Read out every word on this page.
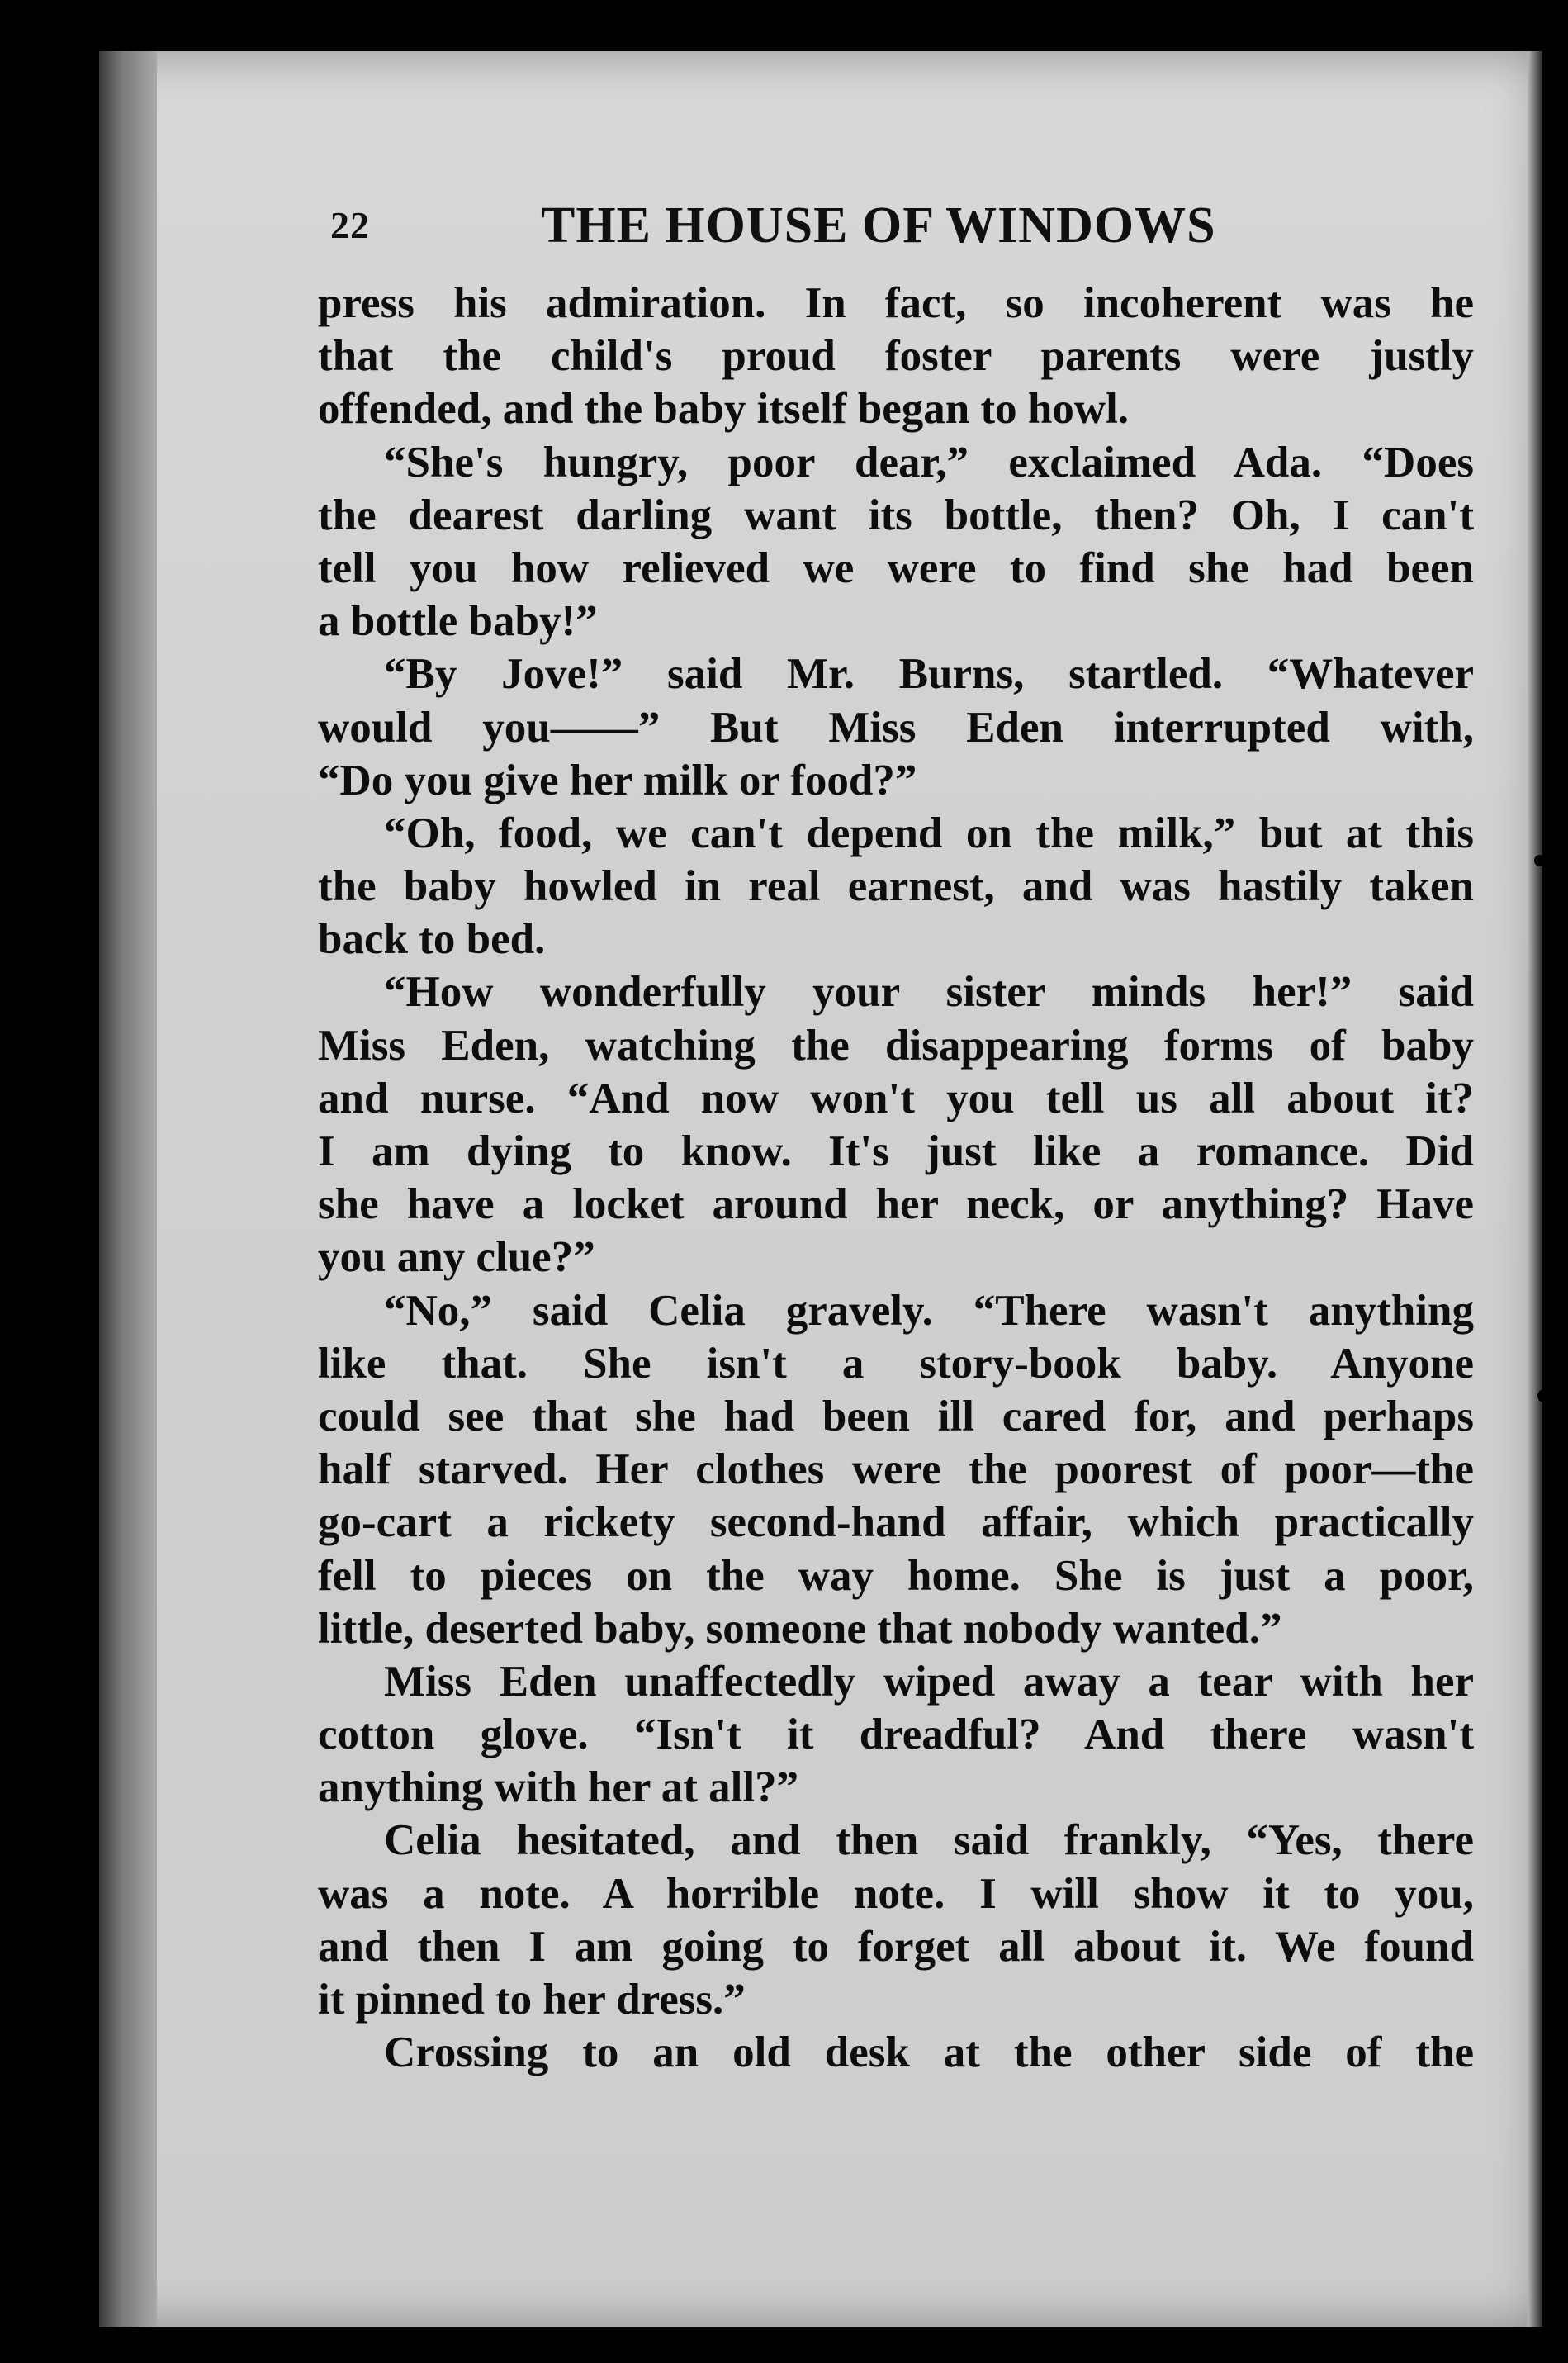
22	THE HOUSE OF WINDOWS
press his admiration. In fact, so incoherent was he
that the child's proud foster parents were justly
offended, and the baby itself began to howl.
“She's hungry, poor dear,” exclaimed Ada. “Does
the dearest darling want its bottle, then? Oh, I can't
tell you how relieved we were to find she had been
a bottle baby!”
“By Jove!” said Mr. Burns, startled. “Whatever
would you——” But Miss Eden interrupted with,
“Do you give her milk or food?”
“Oh, food, we can't depend on the milk,” but at this
the baby howled in real earnest, and was hastily taken
back to bed.
“How wonderfully your sister minds her!” said
Miss Eden, watching the disappearing forms of baby
and nurse. “And now won't you tell us all about it?
I am dying to know. It's just like a romance. Did
she have a locket around her neck, or anything? Have
you any clue?”
“No,” said Celia gravely. “There wasn't anything
like that. She isn't a story-book baby. Anyone
could see that she had been ill cared for, and perhaps
half starved. Her clothes were the poorest of poor—the
go-cart a rickety second-hand affair, which practically
fell to pieces on the way home. She is just a poor,
little, deserted baby, someone that nobody wanted.”
Miss Eden unaffectedly wiped away a tear with her
cotton glove. “Isn't it dreadful? And there wasn't
anything with her at all?”
Celia hesitated, and then said frankly, “Yes, there
was a note. A horrible note. I will show it to you,
and then I am going to forget all about it. We found
it pinned to her dress.”
Crossing to an old desk at the other side of the
